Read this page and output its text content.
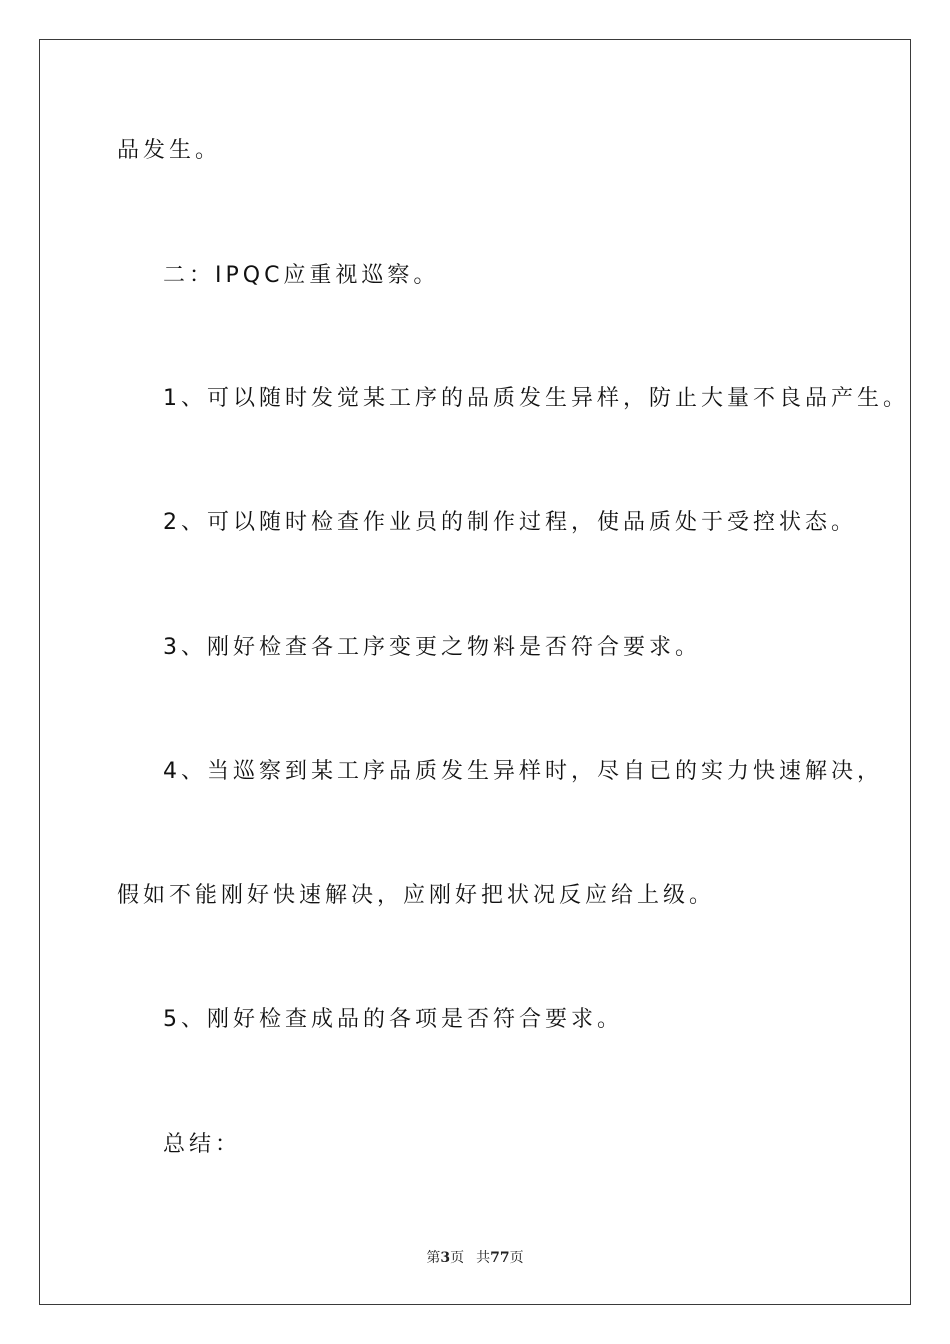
品发生。
二：IPQC应重视巡察。
1、可以随时发觉某工序的品质发生异样，防止大量不良品产生。
2、可以随时检查作业员的制作过程，使品质处于受控状态。
3、刚好检查各工序变更之物料是否符合要求。
4、当巡察到某工序品质发生异样时，尽自已的实力快速解决，
假如不能刚好快速解决，应刚好把状况反应给上级。
5、刚好检查成品的各项是否符合要求。
总结：
第3页 共77页
